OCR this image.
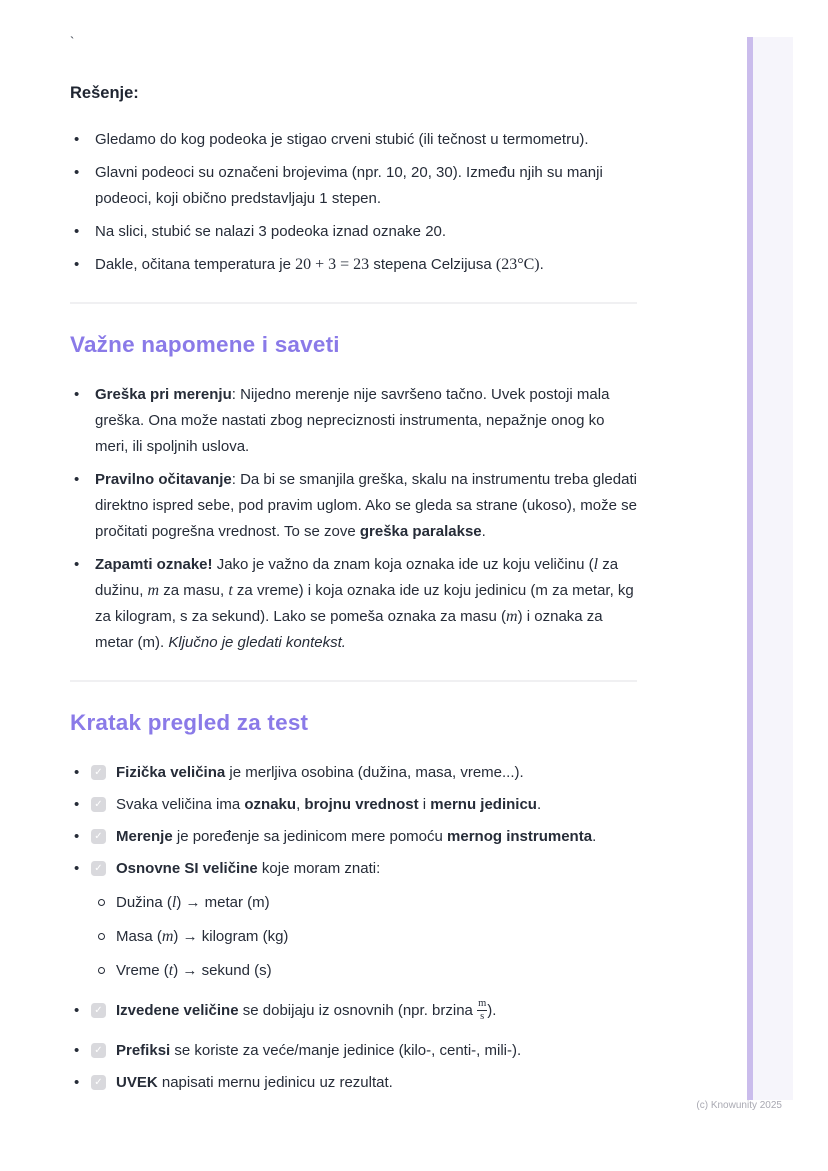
`
Rešenje:
•	Gledamo do kog podeoka je stigao crveni stubić (ili tečnost u termometru).
•	Glavni podeoci su označeni brojevima (npr. 10, 20, 30). Između njih su manji podeoci, koji obično predstavljaju 1 stepen.
•	Na slici, stubić se nalazi 3 podeoka iznad oznake 20.
•	Dakle, očitana temperatura je 20 + 3 = 23 stepena Celzijusa (23°C).
Važne napomene i saveti
•	Greška pri merenju: Nijedno merenje nije savršeno tačno. Uvek postoji mala greška. Ona može nastati zbog nepreciznosti instrumenta, nepažnje onog ko meri, ili spoljnih uslova.
•	Pravilno očitavanje: Da bi se smanjila greška, skalu na instrumentu treba gledati direktno ispred sebe, pod pravim uglom. Ako se gleda sa strane (ukoso), može se pročitati pogrešna vrednost. To se zove greška paralakse.
•	Zapamti oznake! Jako je važno da znam koja oznaka ide uz koju veličinu (l za dužinu, m za masu, t za vreme) i koja oznaka ide uz koju jedinicu (m za metar, kg za kilogram, s za sekund). Lako se pomeša oznaka za masu (m) i oznaka za metar (m). Ključno je gledati kontekst.
Kratak pregled za test
•	✓ Fizička veličina je merljiva osobina (dužina, masa, vreme...).
•	✓ Svaka veličina ima oznaku, brojnu vrednost i mernu jedinicu.
•	✓ Merenje je poređenje sa jedinicom mere pomoću mernog instrumenta.
•	✓ Osnovne SI veličine koje moram znati:
Dužina (l) → metar (m)
Masa (m) → kilogram (kg)
Vreme (t) → sekund (s)
•	✓ Izvedene veličine se dobijaju iz osnovnih (npr. brzina $\frac{m}{s}$ ).
•	✓ Prefiksi se koriste za veće/manje jedinice (kilo-, centi-, mili-).
•	✓ UVEK napisati mernu jedinicu uz rezultat.
(c) Knowunity 2025
